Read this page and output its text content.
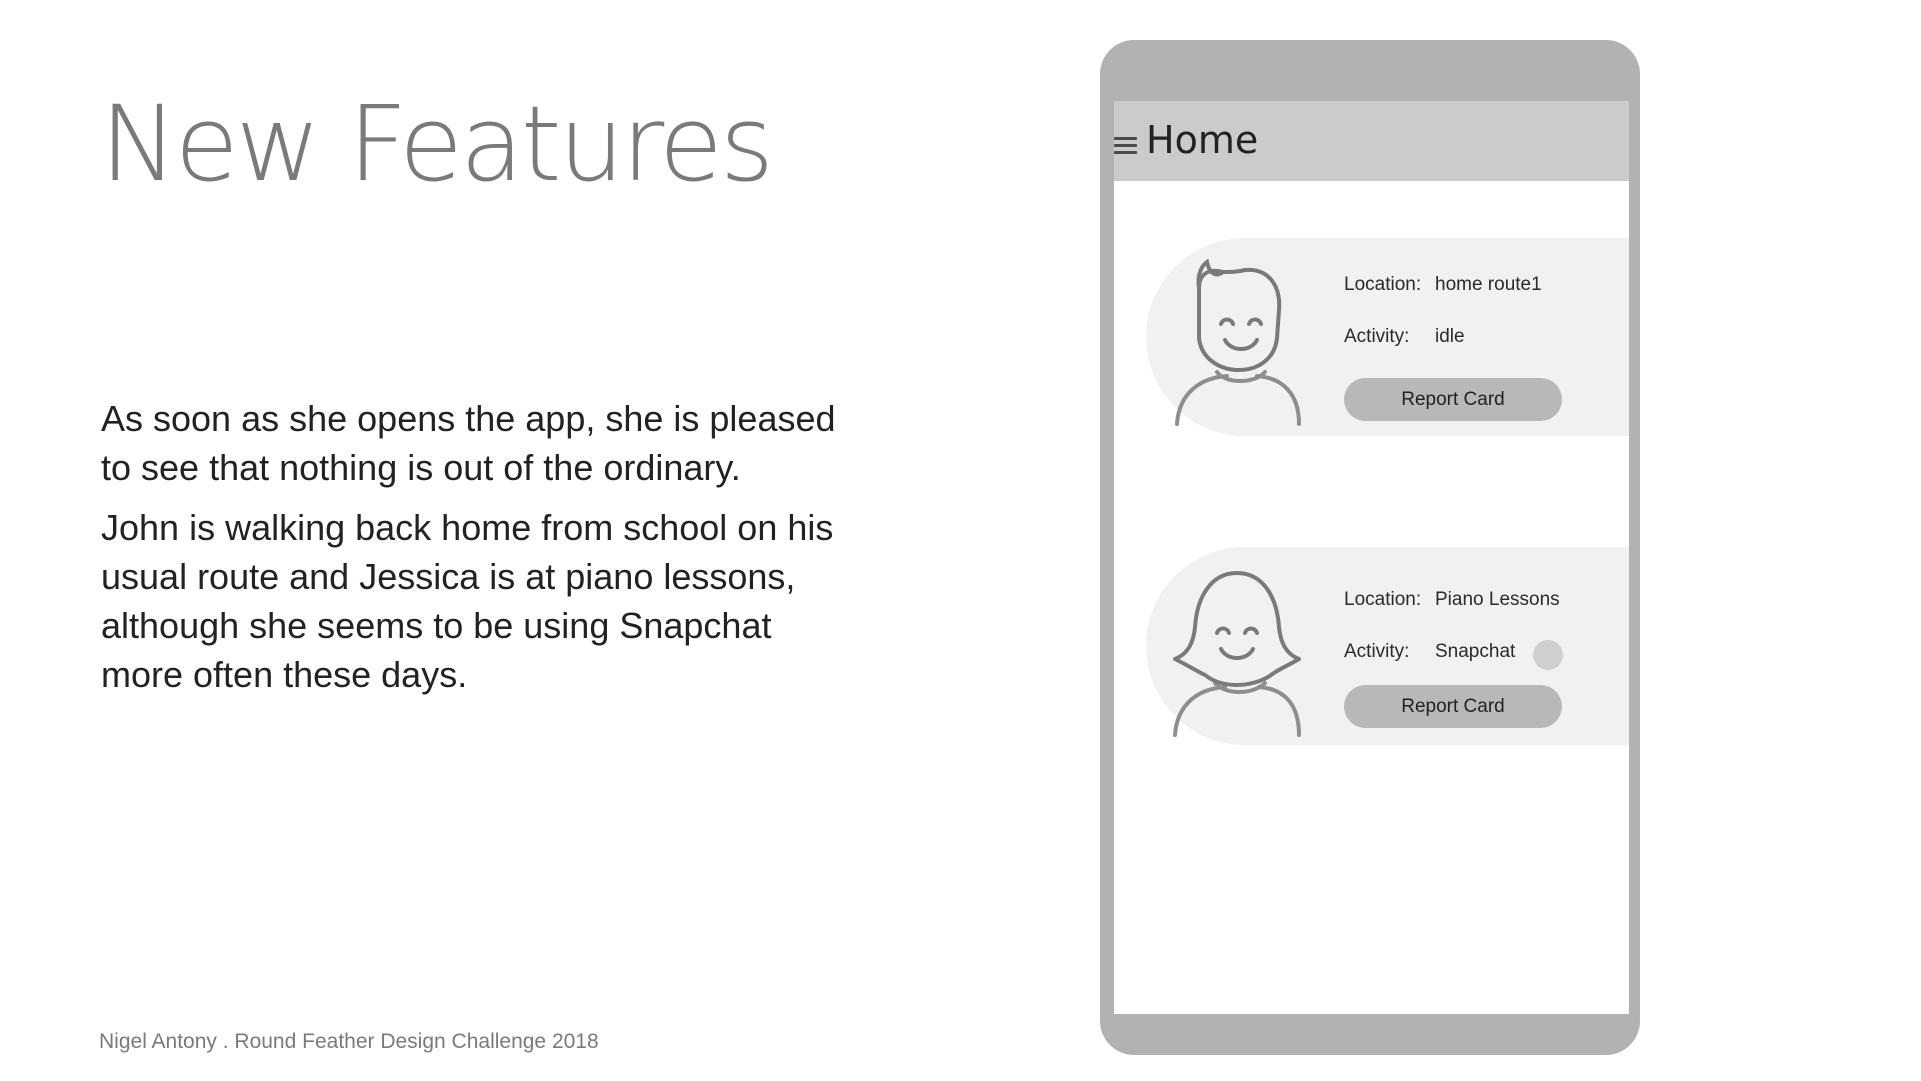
New Features

As soon as she opens the app, she is pleased to see that nothing is out of the ordinary.

John is walking back home from school on his usual route and Jessica is at piano lessons, although she seems to be using Snapchat more often these days.

Nigel Antony . Round Feather Design Challenge 2018
Home
Location: home route1
Activity: idle
Report Card
Location: Piano Lessons
Activity: Snapchat
Report Card
